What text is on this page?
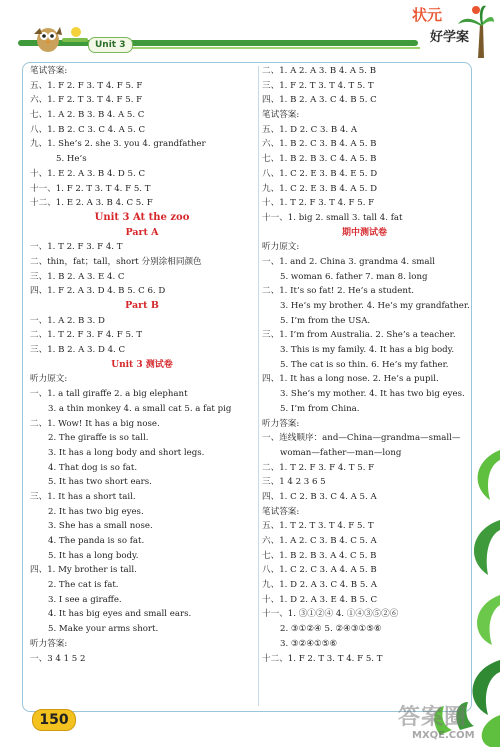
Unit 3
状元
好学案
笔试答案:
五、1. F 2. F 3. T 4. F 5. F
六、1. F 2. T 3. T 4. F 5. F
七、1. A 2. B 3. B 4. A 5. C
八、1. B 2. C 3. C 4. A 5. C
九、1. She’s 2. she 3. you 4. grandfather
5. He’s
十、1. E 2. A 3. B 4. D 5. C
十一、1. F 2. T 3. T 4. F 5. T
十二、1. E 2. A 3. B 4. C 5. F
Unit 3 At the zoo
Part A
一、1. T 2. F 3. F 4. T
二、thin，fat；tall，short 分别涂相同颜色
三、1. B 2. A 3. E 4. C
四、1. F 2. A 3. D 4. B 5. C 6. D
Part B
一、1. A 2. B 3. D
二、1. T 2. F 3. F 4. F 5. T
三、1. B 2. A 3. D 4. C
Unit 3 测试卷
听力原文:
一、1. a tall giraffe 2. a big elephant
3. a thin monkey 4. a small cat 5. a fat pig
二、1. Wow! It has a big nose.
2. The giraffe is so tall.
3. It has a long body and short legs.
4. That dog is so fat.
5. It has two short ears.
三、1. It has a short tail.
2. It has two big eyes.
3. She has a small nose.
4. The panda is so fat.
5. It has a long body.
四、1. My brother is tall.
2. The cat is fat.
3. I see a giraffe.
4. It has big eyes and small ears.
5. Make your arms short.
听力答案:
一、3 4 1 5 2
二、1. A 2. A 3. B 4. A 5. B
三、1. F 2. T 3. T 4. T 5. T
四、1. B 2. A 3. C 4. B 5. C
笔试答案:
五、1. D 2. C 3. B 4. A
六、1. B 2. C 3. B 4. A 5. B
七、1. B 2. B 3. C 4. A 5. B
八、1. C 2. E 3. B 4. E 5. D
九、1. C 2. E 3. B 4. A 5. D
十、1. T 2. F 3. T 4. F 5. F
十一、1. big 2. small 3. tall 4. fat
期中测试卷
听力原文:
一、1. and 2. China 3. grandma 4. small
5. woman 6. father 7. man 8. long
二、1. It’s so fat! 2. He’s a student.
3. He’s my brother. 4. He’s my grandfather.
5. I’m from the USA.
三、1. I’m from Australia. 2. She’s a teacher.
3. This is my family. 4. It has a big body.
5. The cat is so thin. 6. He’s my father.
四、1. It has a long nose. 2. He’s a pupil.
3. She’s my mother. 4. It has two big eyes.
5. I’m from China.
听力答案:
一、连线顺序：and—China—grandma—small—
woman—father—man—long
二、1. T 2. F 3. F 4. T 5. F
三、1 4 2 3 6 5
四、1. C 2. B 3. C 4. A 5. A
笔试答案:
五、1. T 2. T 3. T 4. F 5. T
六、1. A 2. C 3. B 4. C 5. A
七、1. B 2. B 3. A 4. C 5. B
八、1. C 2. C 3. A 4. A 5. B
九、1. D 2. A 3. C 4. B 5. A
十、1. D 2. A 3. E 4. B 5. C
十一、1. ③①②④ 4. ①④③⑤②⑥
2. ③①②④ 5. ②④③①⑤⑥
3. ③②④①⑤⑥
十二、1. F 2. T 3. T 4. F 5. T
150	答案圈
MXQE.COM
